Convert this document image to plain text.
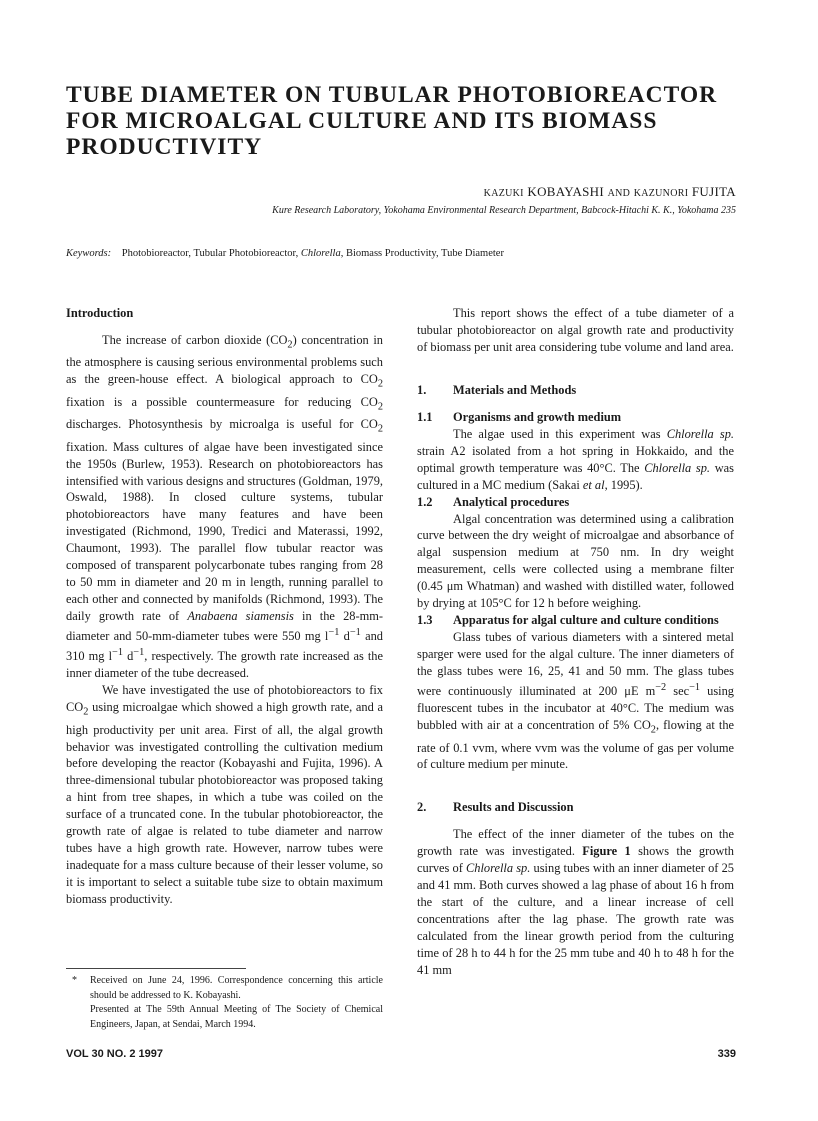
TUBE DIAMETER ON TUBULAR PHOTOBIOREACTOR
FOR MICROALGAL CULTURE AND ITS BIOMASS
PRODUCTIVITY
KAZUKI KOBAYASHI AND KAZUNORI FUJITA
Kure Research Laboratory, Yokohama Environmental Research Department, Babcock-Hitachi K. K., Yokohama 235
Keywords: Photobioreactor, Tubular Photobioreactor, Chlorella, Biomass Productivity, Tube Diameter

Introduction

The increase of carbon dioxide $(CO_2)$ concentration in the atmosphere is causing serious environmental problems such as the green-house effect. A biological approach to $CO_2$ fixation is a possible countermeasure for reducing $CO_2$ discharges. Photosynthesis by microalga is useful for $CO_2$ fixation. Mass cultures of algae have been investigated since the 1950s (Burlew, 1953). Research on photobioreactors has intensified with various designs and structures (Goldman, 1979, Oswald, 1988). In closed culture systems, tubular photobioreactors have many features and have been investigated (Richmond, 1990, Tredici and Materassi, 1992, Chaumont, 1993). The parallel flow tubular reactor was composed of transparent polycarbonate tubes ranging from 28 to 50 mm in diameter and 20 m in length, running parallel to each other and connected by manifolds (Richmond, 1993). The daily growth rate of Anabaena siamensis in the 28-mm-diameter and 50-mm-diameter tubes were 550 mg $l^{-1}$ $d^{-1}$ and 310 mg $l^{-1}$ $d^{-1}$, respectively. The growth rate increased as the inner diameter of the tube decreased.

We have investigated the use of photobioreactors to fix $CO_2$ using microalgae which showed a high growth rate, and a high productivity per unit area. First of all, the algal growth behavior was investigated controlling the cultivation medium before developing the reactor (Kobayashi and Fujita, 1996). A three-dimensional tubular photobioreactor was proposed taking a hint from tree shapes, in which a tube was coiled on the surface of a truncated cone. In the tubular photobioreactor, the growth rate of algae is related to tube diameter and narrow tubes have a high growth rate. However, narrow tubes were inadequate for a mass culture because of their lesser volume, so it is important to select a suitable tube size to obtain maximum biomass productivity.

This report shows the effect of a tube diameter of a tubular photobioreactor on algal growth rate and productivity of biomass per unit area considering tube volume and land area.

1.	Materials and Methods

1.1	Organisms and growth medium

The algae used in this experiment was Chlorella sp. strain A2 isolated from a hot spring in Hokkaido, and the optimal growth temperature was 40°C. The Chlorella sp. was cultured in a MC medium (Sakai et al, 1995).

1.2	Analytical procedures

Algal concentration was determined using a calibration curve between the dry weight of microalgae and absorbance of algal suspension medium at 750 nm. In dry weight measurement, cells were collected using a membrane filter (0.45 μm Whatman) and washed with distilled water, followed by drying at 105°C for 12 h before weighing.

1.3	Apparatus for algal culture and culture conditions

Glass tubes of various diameters with a sintered metal sparger were used for the algal culture. The inner diameters of the glass tubes were 16, 25, 41 and 50 mm. The glass tubes were continuously illuminated at 200 μE $m^{-2}$ $\sec^{-1} using$ fluorescent tubes in the incubator at 40°C. The medium was bubbled with air at a concentration of 5% $CO_2$, flowing at the rate of 0.1 vvm, where vvm was the volume of gas per volume of culture medium per minute.

2.	Results and Discussion

The effect of the inner diameter of the tubes on the growth rate was investigated. Figure 1 shows the growth curves of Chlorella sp. using tubes with an inner diameter of 25 and 41 mm. Both curves showed a lag phase of about 16 h from the start of the culture, and a linear increase of cell concentrations after the lag phase. The growth rate was calculated from the linear growth period from the culturing time of 28 h to 44 h for the 25 mm tube and 40 h to 48 h for the 41 mm

*	Received on June 24, 1996. Correspondence concerning this article should be addressed to K. Kobayashi.

Presented at The 59th Annual Meeting of The Society of Chemical Engineers, Japan, at Sendai, March 1994.

VOL 30 NO. 2 1997	339
